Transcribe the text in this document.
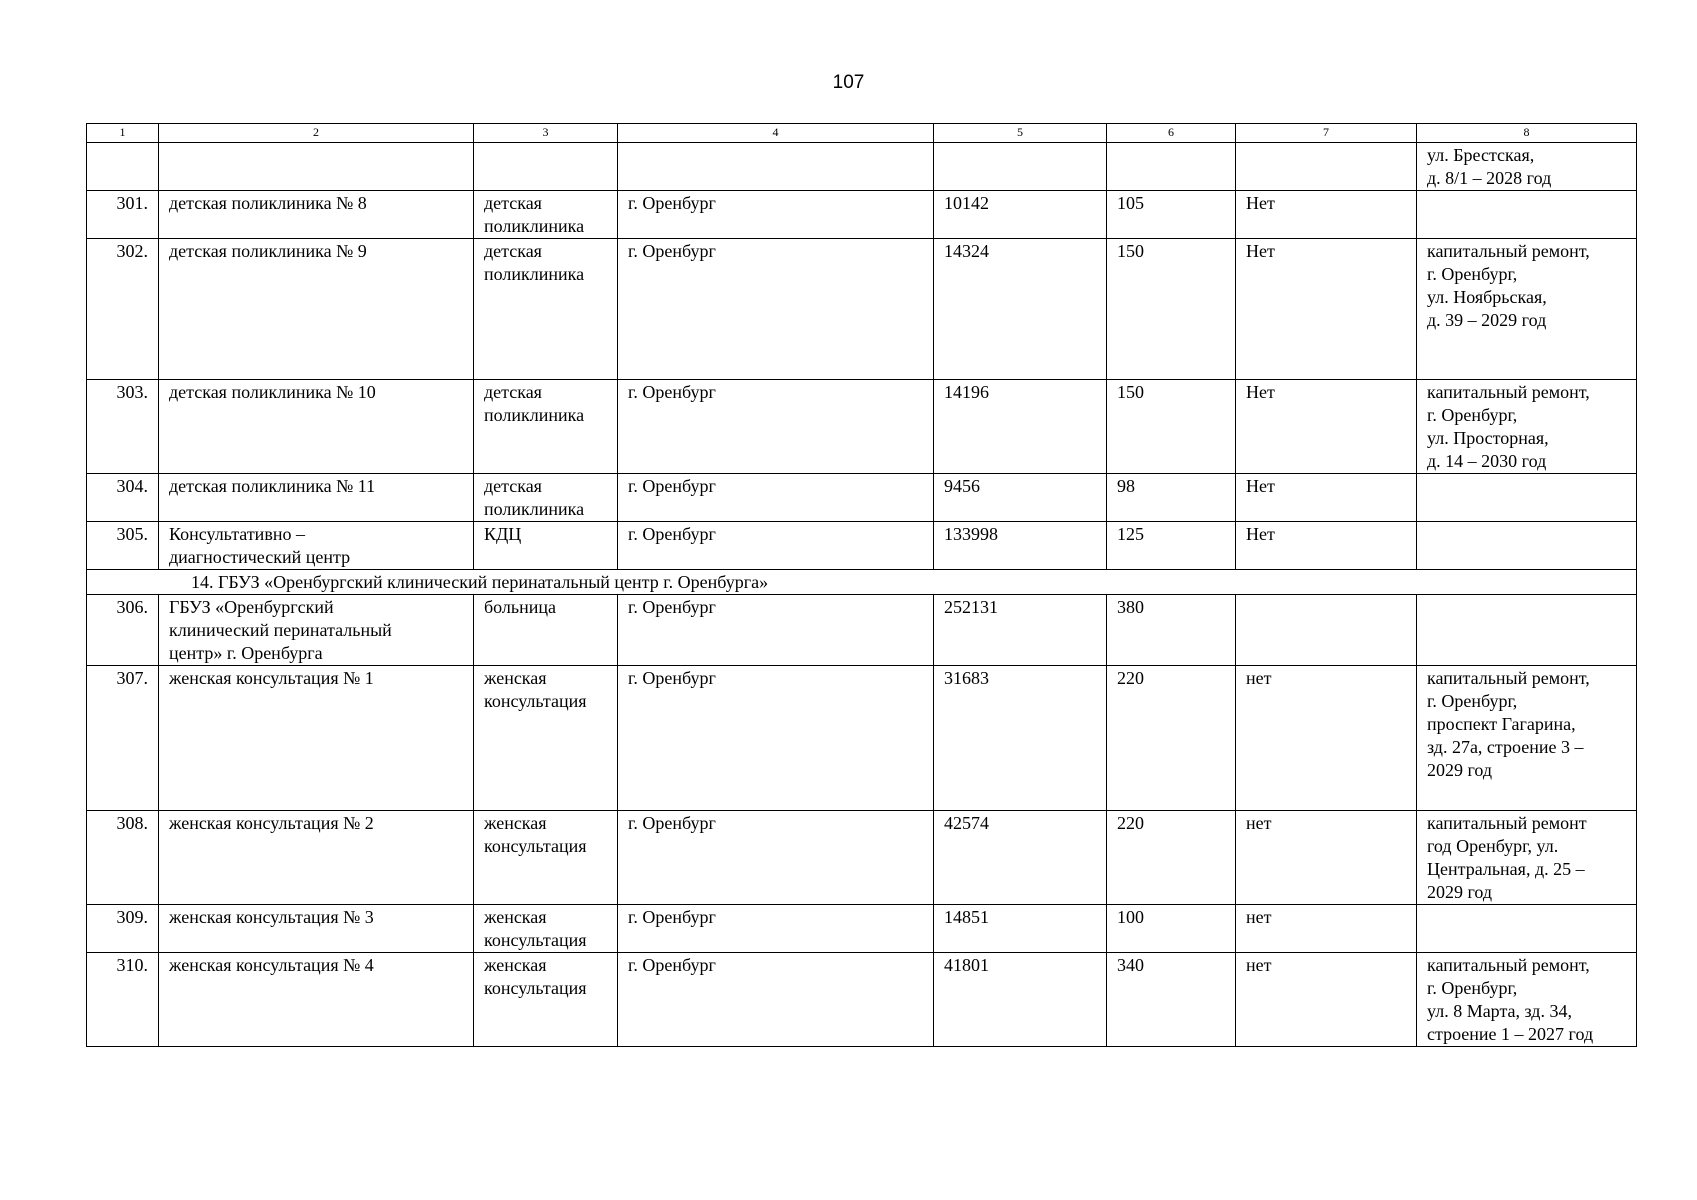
107
1	2	3	4	5	6	7	8
							ул. Брестская,
д. 8/1 – 2028 год
301.	детская поликлиника № 8	детская
поликлиника	г. Оренбург	10142	105	Нет	
302.	детская поликлиника № 9	детская
поликлиника	г. Оренбург	14324	150	Нет	капитальный ремонт,
г. Оренбург,
ул. Ноябрьская,
д. 39 – 2029 год
303.	детская поликлиника № 10	детская
поликлиника	г. Оренбург	14196	150	Нет	капитальный ремонт,
г. Оренбург,
ул. Просторная,
д. 14 – 2030 год
304.	детская поликлиника № 11	детская
поликлиника	г. Оренбург	9456	98	Нет	
305.	Консультативно –
диагностический центр	КДЦ	г. Оренбург	133998	125	Нет	
14. ГБУЗ «Оренбургский клинический перинатальный центр г. Оренбурга»							
306.	ГБУЗ «Оренбургский
клинический перинатальный
центр» г. Оренбурга	больница	г. Оренбург	252131	380		
307.	женская консультация № 1	женская
консультация	г. Оренбург	31683	220	нет	капитальный ремонт,
г. Оренбург,
проспект Гагарина,
зд. 27а, строение 3 –
2029 год
308.	женская консультация № 2	женская
консультация	г. Оренбург	42574	220	нет	капитальный ремонт
год Оренбург, ул.
Центральная, д. 25 –
2029 год
309.	женская консультация № 3	женская
консультация	г. Оренбург	14851	100	нет	
310.	женская консультация № 4	женская
консультация	г. Оренбург	41801	340	нет	капитальный ремонт,
г. Оренбург,
ул. 8 Марта, зд. 34,
строение 1 – 2027 год
